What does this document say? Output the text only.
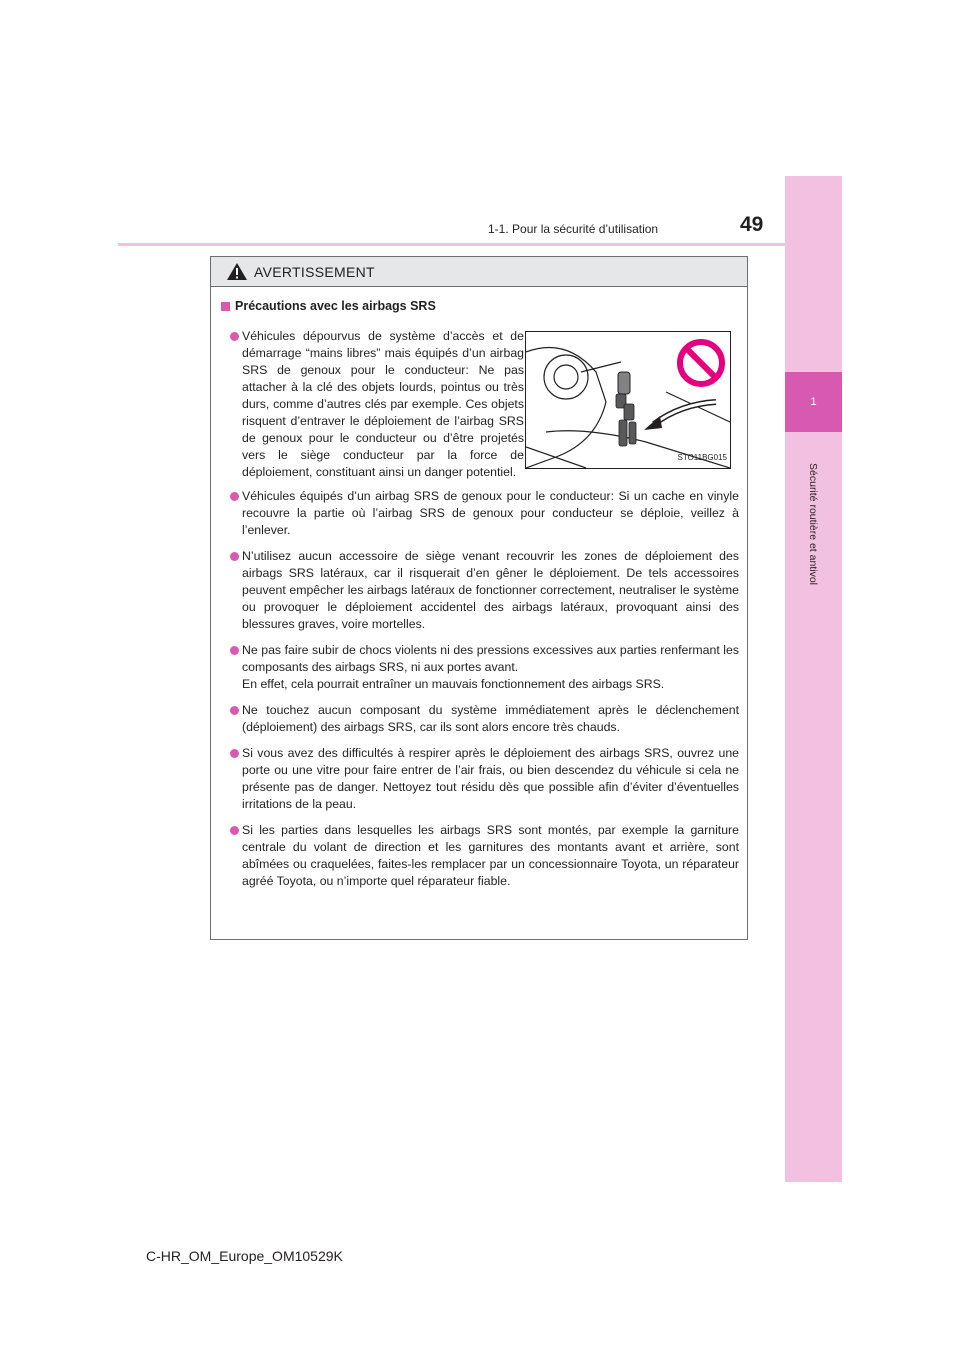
1
Sécurité routière et antivol
1-1. Pour la sécurité d’utilisation	49
AVERTISSEMENT
Précautions avec les airbags SRS
Véhicules dépourvus de système d’accès et de démarrage “mains libres” mais équipés d’un airbag SRS de genoux pour le conducteur: Ne pas attacher à la clé des objets lourds, pointus ou très durs, comme d’autres clés par exemple. Ces objets risquent d’entraver le déploiement de l’airbag SRS de genoux pour le conducteur ou d’être projetés vers le siège conducteur par la force de déploiement, constituant ainsi un danger potentiel.
STO11BG015
Véhicules équipés d’un airbag SRS de genoux pour le conducteur: Si un cache en vinyle recouvre la partie où l’airbag SRS de genoux pour conducteur se déploie, veillez à l’enlever.
N’utilisez aucun accessoire de siège venant recouvrir les zones de déploiement des airbags SRS latéraux, car il risquerait d’en gêner le déploiement. De tels accessoires peuvent empêcher les airbags latéraux de fonctionner correctement, neutraliser le système ou provoquer le déploiement accidentel des airbags latéraux, provoquant ainsi des blessures graves, voire mortelles.
Ne pas faire subir de chocs violents ni des pressions excessives aux parties renfermant les composants des airbags SRS, ni aux portes avant.
En effet, cela pourrait entraîner un mauvais fonctionnement des airbags SRS.
Ne touchez aucun composant du système immédiatement après le déclenchement (déploiement) des airbags SRS, car ils sont alors encore très chauds.
Si vous avez des difficultés à respirer après le déploiement des airbags SRS, ouvrez une porte ou une vitre pour faire entrer de l’air frais, ou bien descendez du véhicule si cela ne présente pas de danger. Nettoyez tout résidu dès que possible afin d’éviter d’éventuelles irritations de la peau.
Si les parties dans lesquelles les airbags SRS sont montés, par exemple la garniture centrale du volant de direction et les garnitures des montants avant et arrière, sont abîmées ou craquelées, faites-les remplacer par un concessionnaire Toyota, un réparateur agréé Toyota, ou n’importe quel réparateur fiable.
C-HR_OM_Europe_OM10529K
